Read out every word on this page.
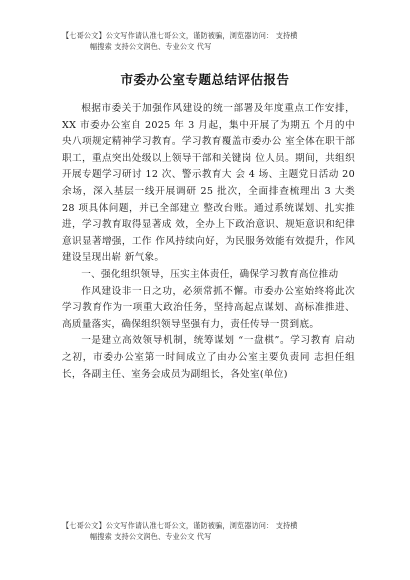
【七哥公文】公文写作请认准七哥公文，谨防被骗，浏览器访问： 支持横
幅搜索 支持公文润色、专业公文 代写
市委办公室专题总结评估报告

根据市委关于加强作风建设的统一部署及年度重点工作安排，XX 市委办公室自 2025 年 3 月起，集中开展了为期五 个月的中央八项规定精神学习教育。学习教育覆盖市委办公 室全体在职干部职工，重点突出处级以上领导干部和关键岗 位人员。期间，共组织开展专题学习研讨 12 次、警示教育大 会 4 场、主题党日活动 20 余场，深入基层一线开展调研 25 批次，全面排查梳理出 3 大类 28 项具体问题，并已全部建立 整改台账。通过系统谋划、扎实推进，学习教育取得显著成 效，全办上下政治意识、规矩意识和纪律意识显著增强，工作 作风持续向好，为民服务效能有效提升，作风建设呈现出崭 新气象。

一、强化组织领导，压实主体责任，确保学习教育高位推动

作风建设非一日之功，必须常抓不懈。市委办公室始终将此次学习教育作为一项重大政治任务，坚持高起点谋划、高标准推进、高质量落实，确保组织领导坚强有力，责任传导一贯到底。

一是建立高效领导机制，统筹谋划 “一盘棋”。学习教育 启动之初，市委办公室第一时间成立了由办公室主要负责同 志担任组长，各副主任、室务会成员为副组长，各处室(单位)

【七哥公文】公文写作请认准七哥公文，谨防被骗，浏览器访问： 支持横
幅搜索 支持公文润色、专业公文 代写
